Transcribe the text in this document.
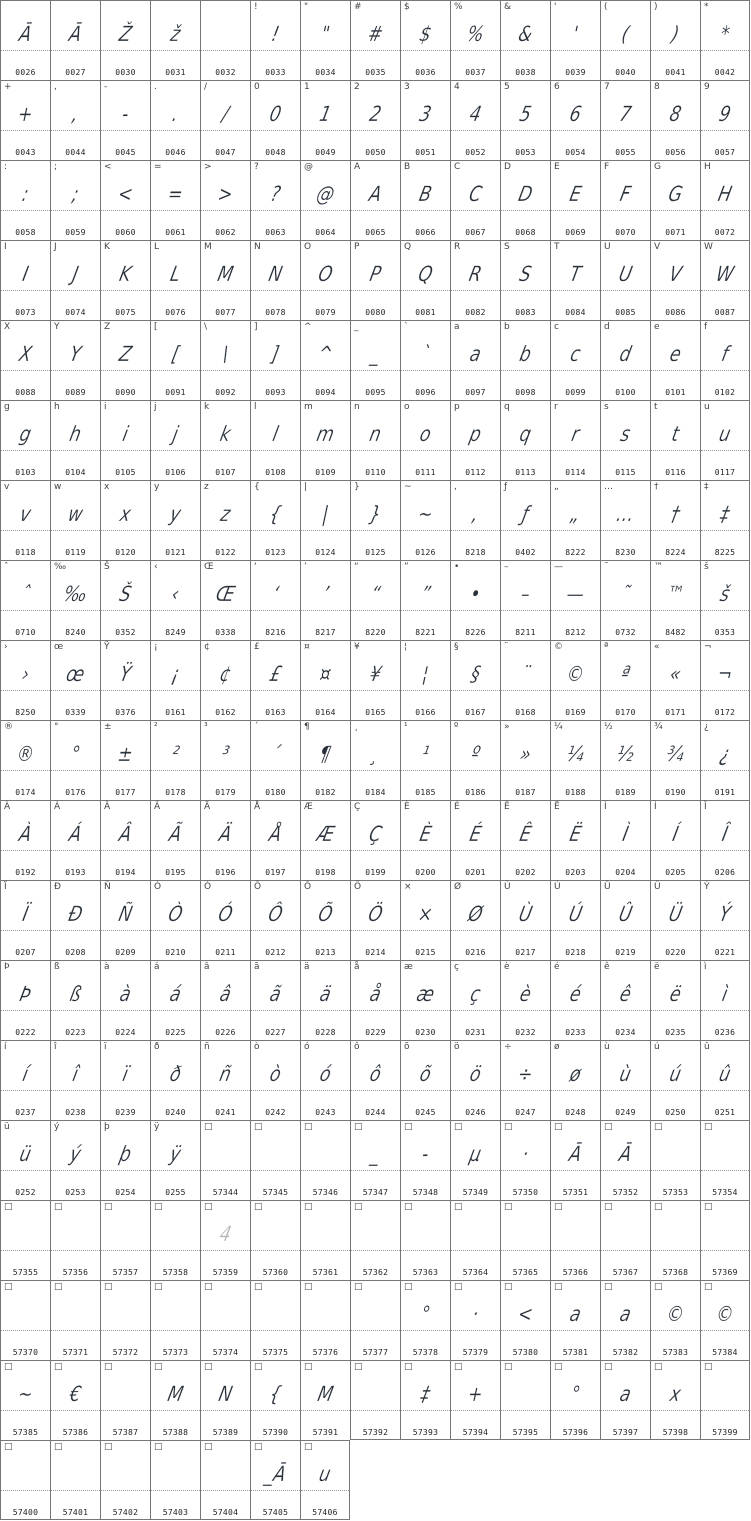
Ā
0026
Ā
0027
Ž
0030
ž
0031	0032
!
!
0033
"
"
0034
#
#
0035
$
$
0036
%
%
0037
&
&
0038
'
'
0039
(
(
0040
)
)
0041
*
*
0042
+
+
0043
,
,
0044
-
-
0045
.
.
0046
/
/
0047
0
0
0048
1
1
0049
2
2
0050
3
3
0051
4
4
0052
5
5
0053
6
6
0054
7
7
0055
8
8
0056
9
9
0057
:
:
0058
;
;
0059
<
<
0060
=
=
0061
>
>
0062
?
?
0063
@
@
0064
A
A
0065
B
B
0066
C
C
0067
D
D
0068
E
E
0069
F
F
0070
G
G
0071
H
H
0072
I
I
0073
J
J
0074
K
K
0075
L
L
0076
M
M
0077
N
N
0078
O
O
0079
P
P
0080
Q
Q
0081
R
R
0082
S
S
0083
T
T
0084
U
U
0085
V
V
0086
W
W
0087
X
X
0088
Y
Y
0089
Z
Z
0090
[
[
0091
\
\
0092
]
]
0093
^
^
0094
_
_
0095
`
`
0096
a
a
0097
b
b
0098
c
c
0099
d
d
0100
e
e
0101
f
f
0102
g
g
0103
h
h
0104
i
i
0105
j
j
0106
k
k
0107
l
l
0108
m
m
0109
n
n
0110
o
o
0111
p
p
0112
q
q
0113
r
r
0114
s
s
0115
t
t
0116
u
u
0117
v
v
0118
w
w
0119
x
x
0120
y
y
0121
z
z
0122
{
{
0123
|
|
0124
}
}
0125
~
~
0126
,
,
8218
ƒ
ƒ
0402
„
„
8222
…
…
8230
†
†
8224
‡
‡
8225
ˆ
ˆ
0710
‰
‰
8240
Š
Š
0352
‹
‹
8249
Œ
Œ
0338
‘
‘
8216
’
’
8217
“
“
8220
”
”
8221
•
•
8226
–
–
8211
—
—
8212
˜
˜
0732
™
™
8482
š
š
0353
›
›
8250
œ
œ
0339
Ÿ
Ÿ
0376
¡
¡
0161
¢
¢
0162
£
£
0163
¤
¤
0164
¥
¥
0165
¦
¦
0166
§
§
0167
¨
¨
0168
©
©
0169
ª
ª
0170
«
«
0171
¬
¬
0172
®
®
0174
°
°
0176
±
±
0177
²
²
0178
³
³
0179
´
´
0180
¶
¶
0182
¸
¸
0184
¹
¹
0185
º
º
0186
»
»
0187
¼
¼
0188
½
½
0189
¾
¾
0190
¿
¿
0191
À
À
0192
Á
Á
0193
Â
Â
0194
Ã
Ã
0195
Ä
Ä
0196
Å
Å
0197
Æ
Æ
0198
Ç
Ç
0199
È
È
0200
É
É
0201
Ê
Ê
0202
Ë
Ë
0203
Ì
Ì
0204
Í
Í
0205
Î
Î
0206
Ï
Ï
0207
Ð
Ð
0208
Ñ
Ñ
0209
Ò
Ò
0210
Ó
Ó
0211
Ô
Ô
0212
Õ
Õ
0213
Ö
Ö
0214
×
×
0215
Ø
Ø
0216
Ù
Ù
0217
Ú
Ú
0218
Û
Û
0219
Ü
Ü
0220
Ý
Ý
0221
Þ
Þ
0222
ß
ß
0223
à
à
0224
á
á
0225
â
â
0226
ã
ã
0227
ä
ä
0228
å
å
0229
æ
æ
0230
ç
ç
0231
è
è
0232
é
é
0233
ê
ê
0234
ë
ë
0235
ì
ì
0236
í
í
0237
î
î
0238
ï
ï
0239
ð
ð
0240
ñ
ñ
0241
ò
ò
0242
ó
ó
0243
ô
ô
0244
õ
õ
0245
ö
ö
0246
÷
÷
0247
ø
ø
0248
ù
ù
0249
ú
ú
0250
û
û
0251
ü
ü
0252
ý
ý
0253
þ
þ
0254
ÿ
ÿ
0255
□
57344
□
57345
□
57346
□
_
57347
□
-
57348
□
μ
57349
□
·
57350
□
Ā
57351
□
Ā
57352
□
57353
□
57354
□
57355
□
57356
□
57357
□
57358
□
4
57359
□
57360
□
57361
□
57362
□
57363
□
57364
□
57365
□
57366
□
57367
□
57368
□
57369
□
57370
□
57371
□
57372
□
57373
□
57374
□
57375
□
57376
□
57377
□
°
57378
□
·
57379
□
<
57380
□
a
57381
□
a
57382
□
©
57383
□
©
57384
□
~
57385
□
€
57386
□
57387
□
M
57388
□
N
57389
□
{
57390
□
M
57391
□
57392
□
‡
57393
□
+
57394
□
57395
□
°
57396
□
a
57397
□
x
57398
□
57399
□
57400
□
57401
□
57402
□
57403
□
57404
□
_Ā
57405
□
u
57406
